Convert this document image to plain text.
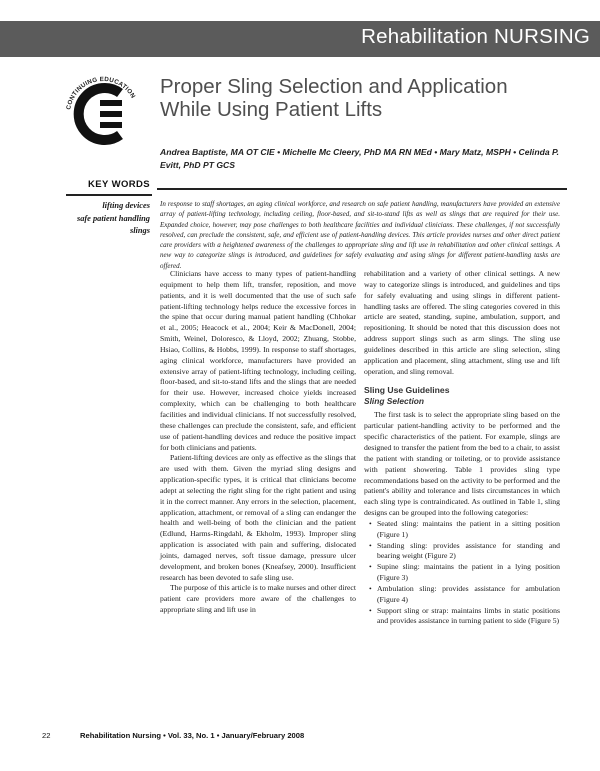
Rehabilitation NURSING
CONTINUING EDUCATION Proper Sling Selection and Application While Using Patient Lifts
Andrea Baptiste, MA OT CIE • Michelle Mc Cleery, PhD MA RN MEd • Mary Matz, MSPH • Celinda P. Evitt, PhD PT GCS
KEY WORDS
lifting devices
safe patient handling
slings
In response to staff shortages, an aging clinical workforce, and research on safe patient handling, manufacturers have provided an extensive array of patient-lifting technology, including ceiling, floor-based, and sit-to-stand lifts as well as slings that are required for their use. Expanded choice, however, may pose challenges to both healthcare facilities and individual clinicians. These challenges, if not successfully resolved, can preclude the consistent, safe, and efficient use of patient-handling devices. This article provides nurses and other direct patient care providers with a heightened awareness of the challenges to appropriate sling and lift use in rehabilitation and other clinical settings. A new way to categorize slings is introduced, and guidelines for safely evaluating and using slings for different patient-handling tasks are offered.

Clinicians have access to many types of patient-handling equipment to help them lift, transfer, reposition, and move patients, and it is well documented that the use of such safe patient-lifting technology helps reduce the excessive forces in the spine that occur during manual patient handling (Chhokar et al., 2005; Heacock et al., 2004; Keir & MacDonell, 2004; Smith, Weinel, Doloresco, & Lloyd, 2002; Zhuang, Stobbe, Hsiao, Collins, & Hobbs, 1999). In response to staff shortages, aging clinical workforce, manufacturers have provided an extensive array of patient-lifting technology, including ceiling, floor-based, and sit-to-stand lifts and the slings that are needed for their use. However, increased choice yields increased complexity, which can be challenging to both healthcare facilities and individual clinicians. If not successfully resolved, these challenges can preclude the consistent, safe, and efficient use of patient-handling devices and reduce the positive impact for both clinicians and patients.

Patient-lifting devices are only as effective as the slings that are used with them. Given the myriad sling designs and application-specific types, it is critical that clinicians become adept at selecting the right sling for the right patient and using it in the correct manner. Any errors in the selection, placement, application, attachment, or removal of a sling can endanger the health and well-being of both the clinician and the patient (Edlund, Harms-Ringdahl, & Ekholm, 1993). Improper sling application is associated with pain and suffering, dislocated joints, damaged nerves, soft tissue damage, pressure ulcer development, and broken bones (Kneafsey, 2000). Insufficient research has been devoted to safe sling use.

The purpose of this article is to make nurses and other direct patient care providers more aware of the challenges to appropriate sling and lift use in

rehabilitation and a variety of other clinical settings. A new way to categorize slings is introduced, and guidelines and tips for safely evaluating and using slings in different patient-handling tasks are offered. The sling categories covered in this article are seated, standing, supine, ambulation, support, and repositioning. It should be noted that this discussion does not address support slings such as arm slings. The sling use guidelines described in this article are sling selection, sling application and placement, sling attachment, sling use and lift operation, and sling removal.

Sling Use Guidelines
Sling Selection

The first task is to select the appropriate sling based on the particular patient-handling activity to be performed and the specific characteristics of the patient. For example, slings are designed to transfer the patient from the bed to a chair, to assist the patient with standing or toileting, or to provide assistance with patient showering. Table 1 provides sling type recommendations based on the activity to be performed and the patient's ability and tolerance and lists circumstances in which each sling type is contraindicated. As outlined in Table 1, sling designs can be grouped into the following categories:

• Seated sling: maintains the patient in a sitting position (Figure 1)
• Standing sling: provides assistance for standing and bearing weight (Figure 2)
• Supine sling: maintains the patient in a lying position (Figure 3)
• Ambulation sling: provides assistance for ambulation (Figure 4)
• Support sling or strap: maintains limbs in static positions and provides assistance in turning patient to side (Figure 5)
22	Rehabilitation Nursing • Vol. 33, No. 1 • January/February 2008
